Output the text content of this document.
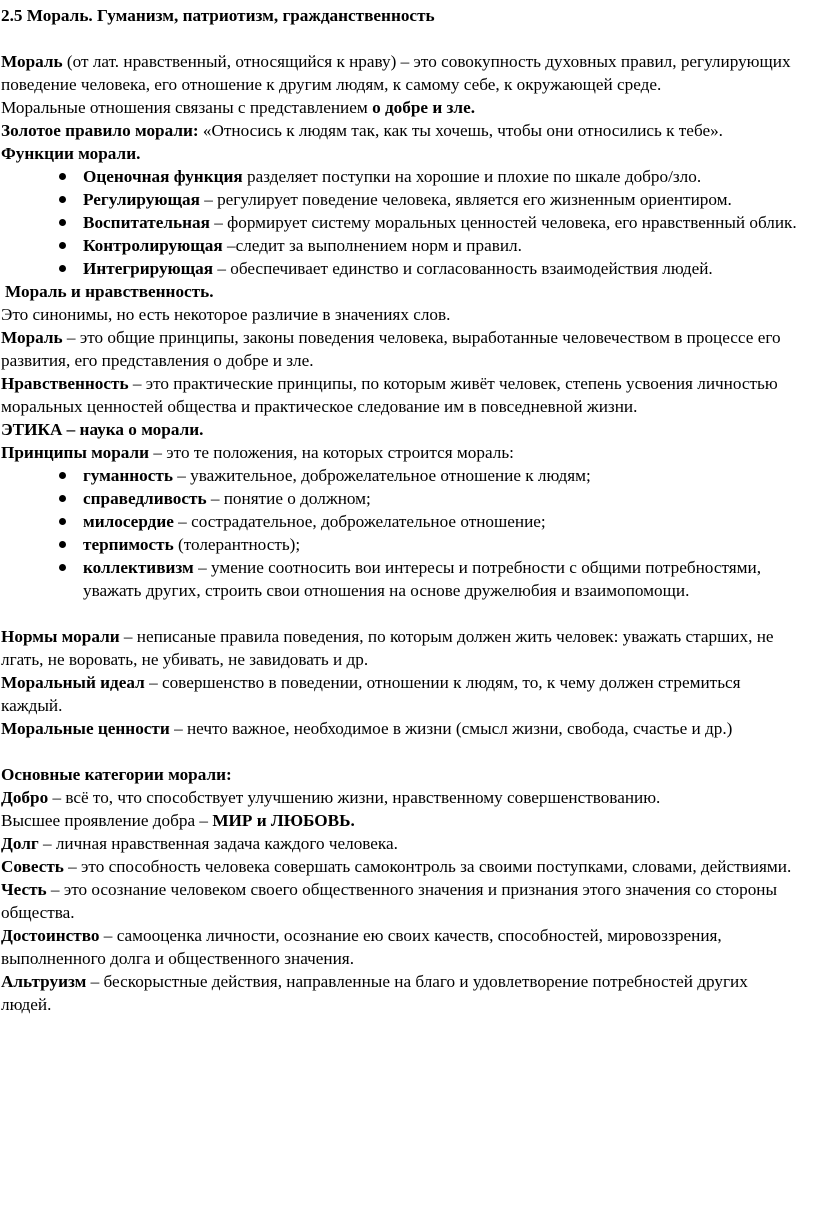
2.5 Мораль. Гуманизм, патриотизм, гражданственность

Мораль (от лат. нравственный, относящийся к нраву) – это совокупность духовных правил, регулирующих поведение человека, его отношение к другим людям, к самому себе, к окружающей среде.

Моральные отношения связаны с представлением о добре и зле.

Золотое правило морали: «Относись к людям так, как ты хочешь, чтобы они относились к тебе».

Функции морали.

Оценочная функция разделяет поступки на хорошие и плохие по шкале добро/зло.
Регулирующая – регулирует поведение человека, является его жизненным ориентиром.
Воспитательная – формирует систему моральных ценностей человека, его нравственный облик.
Контролирующая –следит за выполнением норм и правил.
Интегрирующая – обеспечивает единство и согласованность взаимодействия людей.

Мораль и нравственность.

Это синонимы, но есть некоторое различие в значениях слов.

Мораль – это общие принципы, законы поведения человека, выработанные человечеством в процессе его развития, его представления о добре и зле.

Нравственность – это практические принципы, по которым живёт человек, степень усвоения личностью моральных ценностей общества и практическое следование им в повседневной жизни.

ЭТИКА – наука о морали.

Принципы морали – это те положения, на которых строится мораль:

гуманность – уважительное, доброжелательное отношение к людям;
справедливость – понятие о должном;
милосердие – сострадательное, доброжелательное отношение;
терпимость (толерантность);
коллективизм – умение соотносить вои интересы и потребности с общими потребностями, уважать других, строить свои отношения на основе дружелюбия и взаимопомощи.

Нормы морали – неписаные правила поведения, по которым должен жить человек: уважать старших, не лгать, не воровать, не убивать, не завидовать и др.

Моральный идеал – совершенство в поведении, отношении к людям, то, к чему должен стремиться каждый.

Моральные ценности – нечто важное, необходимое в жизни (смысл жизни, свобода, счастье и др.)

Основные категории морали:

Добро – всё то, что способствует улучшению жизни, нравственному совершенствованию.

Высшее проявление добра – МИР и ЛЮБОВЬ.

Долг – личная нравственная задача каждого человека.

Совесть – это способность человека совершать самоконтроль за своими поступками, словами, действиями.

Честь – это осознание человеком своего общественного значения и признания этого значения со стороны общества.

Достоинство – самооценка личности, осознание ею своих качеств, способностей, мировоззрения, выполненного долга и общественного значения.

Альтруизм – бескорыстные действия, направленные на благо и удовлетворение потребностей других людей.
